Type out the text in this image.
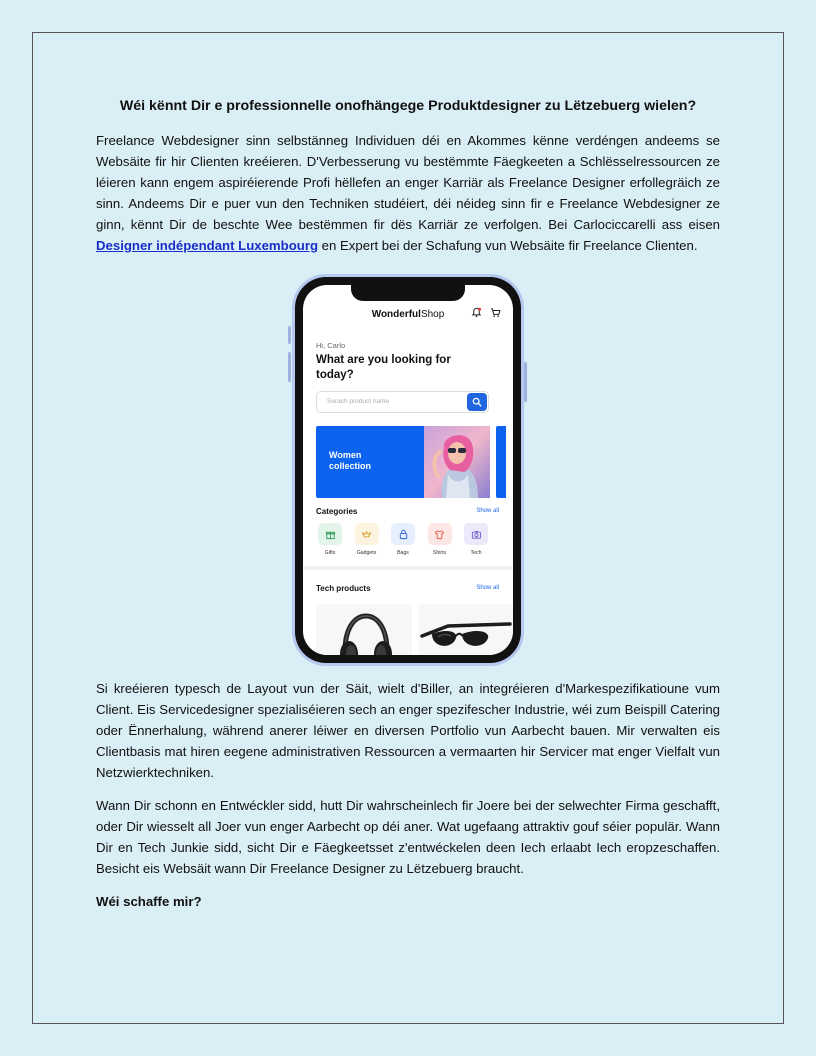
Wéi kënnt Dir e professionnelle onofhängege Produktdesigner zu Lëtzebuerg wielen?

Freelance Webdesigner sinn selbstänneg Individuen déi en Akommes kënne verdéngen andeems se Websäite fir hir Clienten kreéieren. D'Verbesserung vu bestëmmte Fäegkeeten a Schlësselressourcen ze léieren kann engem aspiréierende Profi hëllefen an enger Karriär als Freelance Designer erfollegräich ze sinn. Andeems Dir e puer vun den Techniken studéiert, déi néideg sinn fir e Freelance Webdesigner ze ginn, kënnt Dir de beschte Wee bestëmmen fir dës Karriär ze verfolgen. Bei Carlociccarelli ass eisen Designer indépendant Luxembourg en Expert bei der Schafung vun Websäite fir Freelance Clienten.

WonderfulShop
Hi, Carlo
What are you looking for today?
Serach product name
Women collection
Categories	Show all
Gifts	Gadgets	Bags	Shirts	Tech
Tech products	Show all

Si kreéieren typesch de Layout vun der Säit, wielt d'Biller, an integréieren d'Markespezifikatioune vum Client. Eis Servicedesigner spezialiséieren sech an enger spezifescher Industrie, wéi zum Beispill Catering oder Ënnerhalung, während anerer léiwer en diversen Portfolio vun Aarbecht bauen. Mir verwalten eis Clientbasis mat hiren eegene administrativen Ressourcen a vermaarten hir Servicer mat enger Vielfalt vun Netzwierktechniken.

Wann Dir schonn en Entwéckler sidd, hutt Dir wahrscheinlech fir Joere bei der selwechter Firma geschafft, oder Dir wiesselt all Joer vun enger Aarbecht op déi aner. Wat ugefaang attraktiv gouf séier populär. Wann Dir en Tech Junkie sidd, sicht Dir e Fäegkeetsset z'entwéckelen deen Iech erlaabt Iech eropzeschaffen. Besicht eis Websäit wann Dir Freelance Designer zu Lëtzebuerg braucht.

Wéi schaffe mir?
